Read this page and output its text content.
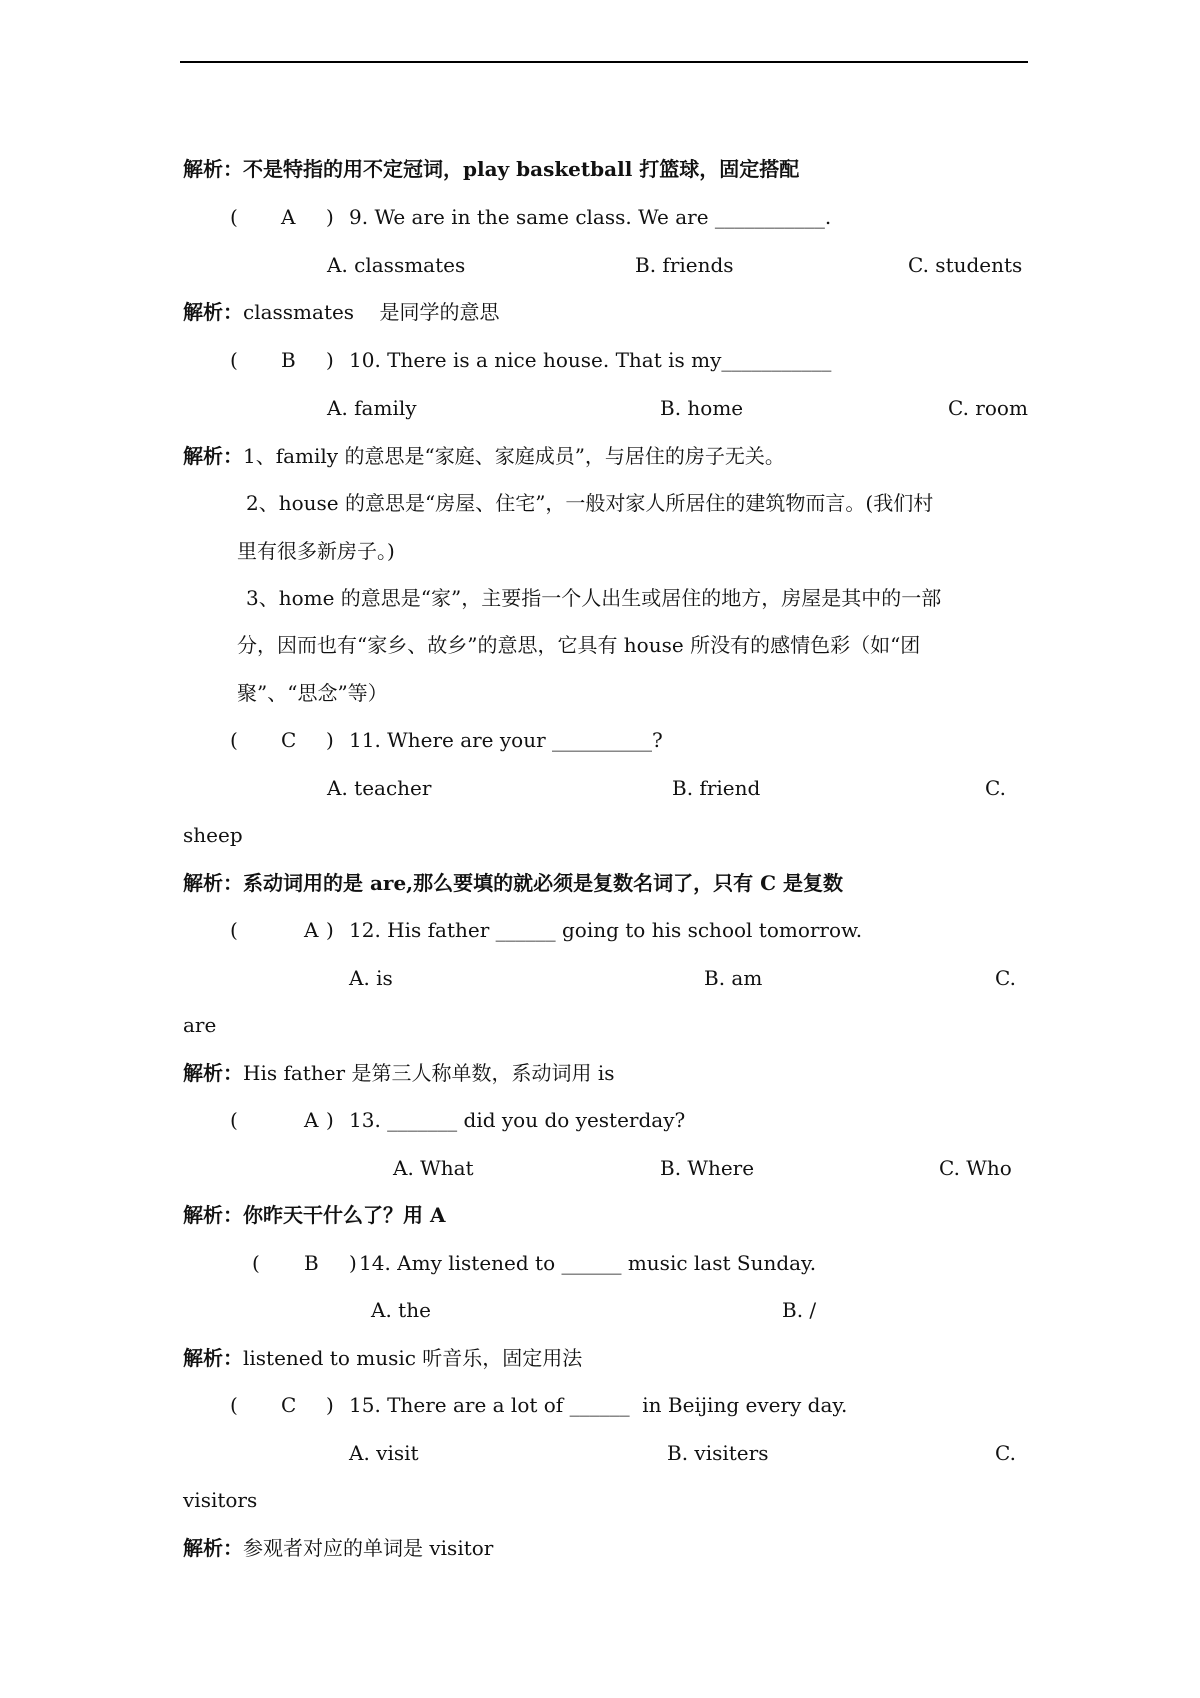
解析：不是特指的用不定冠词，play basketball 打篮球，固定搭配
( A ) 9. We are in the same class. We are ___________.
A. classmates	B. friends	C. students
解析：classmates    是同学的意思
( B ) 10. There is a nice house. That is my___________
A. family	B. home	C. room
解析：1、family 的意思是“家庭、家庭成员”，与居住的房子无关。
2、house 的意思是“房屋、住宅”，一般对家人所居住的建筑物而言。(我们村
里有很多新房子。)
3、home 的意思是“家”，主要指一个人出生或居住的地方，房屋是其中的一部
分，因而也有“家乡、故乡”的意思，它具有 house 所没有的感情色彩（如“团
聚”、“思念”等）
( C ) 11. Where are your __________?
A. teacher	B. friend	C.
sheep
解析：系动词用的是 are,那么要填的就必须是复数名词了，只有 C 是复数
(	A ) 12. His father ______ going to his school tomorrow.
A. is	B. am	C.
are
解析：His father 是第三人称单数，系动词用 is
(	A ) 13. _______ did you do yesterday?
A. What	B. Where	C. Who
解析：你昨天干什么了？用 A
( B ) 14. Amy listened to ______ music last Sunday.
A. the	B. /
解析：listened to music 听音乐，固定用法
( C ) 15. There are a lot of ______  in Beijing every day.
A. visit	B. visiters	C.
visitors
解析：参观者对应的单词是 visitor
